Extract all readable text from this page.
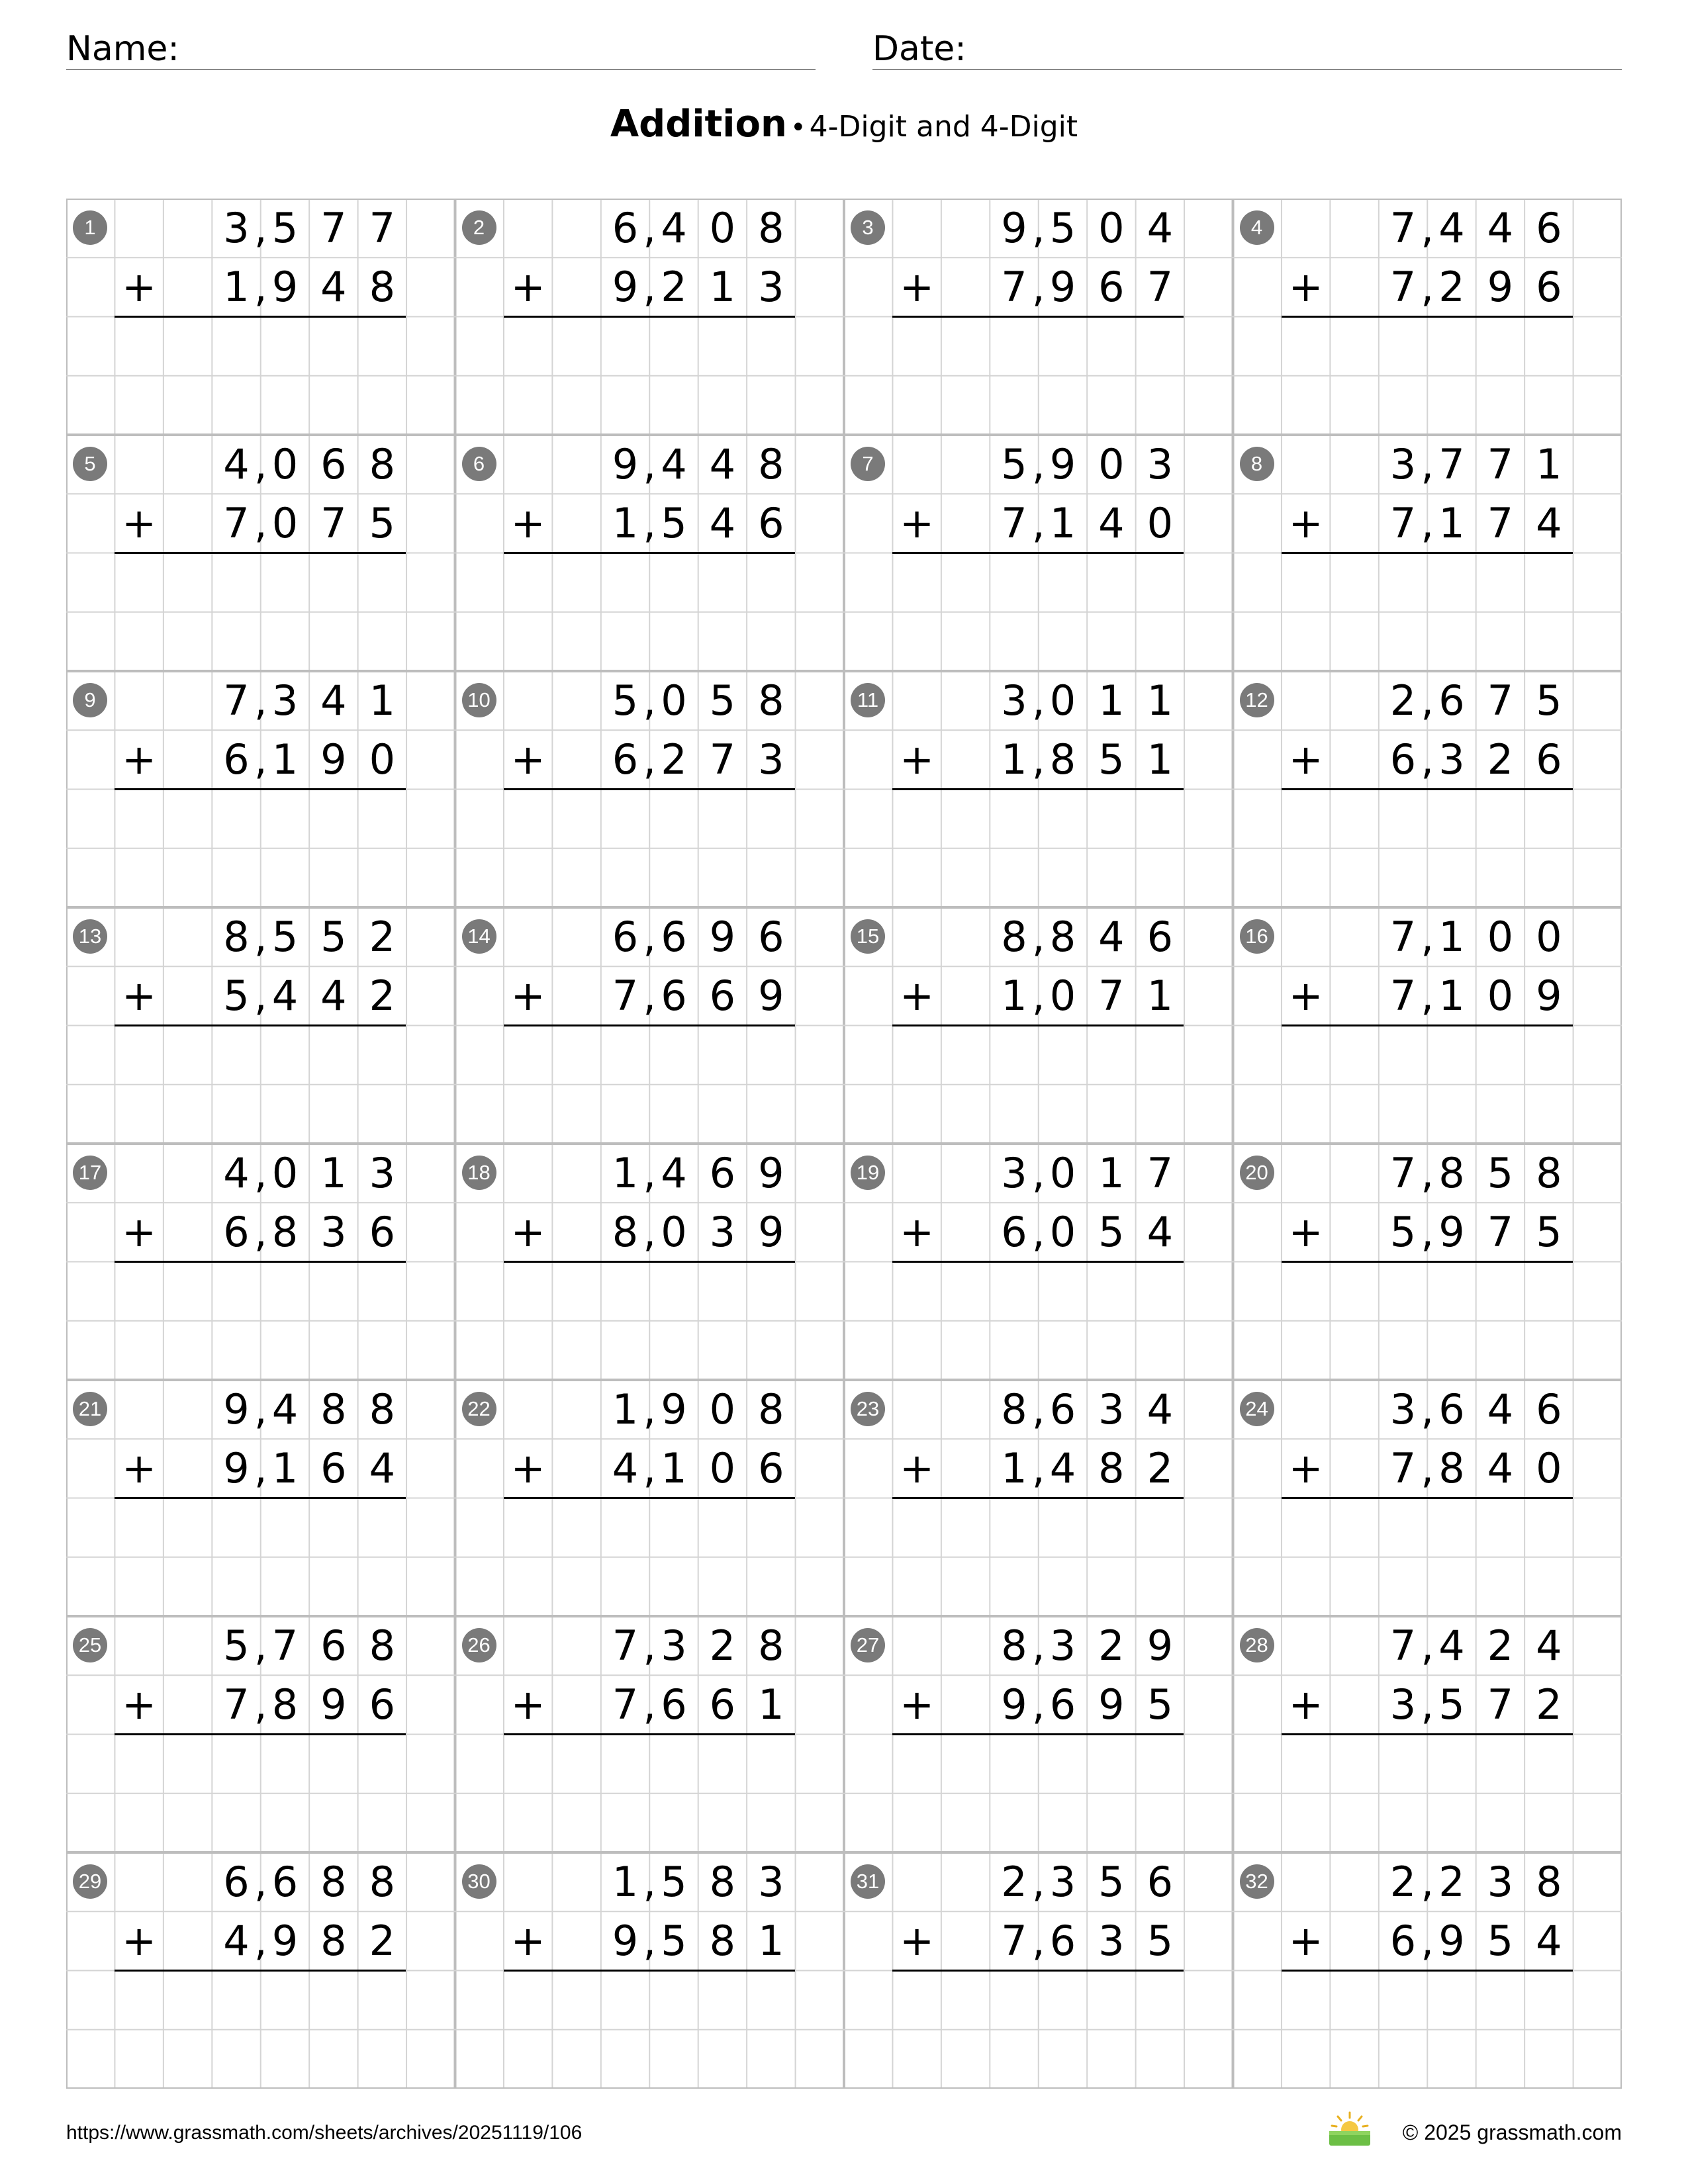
Name:	Date:
Addition • 4-Digit and 4-Digit
1	3 5 7 7
,
+ 1 9 4 8
,
2	6 4 0 8
,
+ 9 2 1 3
,
3	9 5 0 4
,
+ 7 9 6 7
,
4	7 4 4 6
,
+ 7 2 9 6
,
5	4 0 6 8
,
+ 7 0 7 5
,
6	9 4 4 8
,
+ 1 5 4 6
,
7	5 9 0 3
,
+ 7 1 4 0
,
8	3 7 7 1
,
+ 7 1 7 4
,
9	7 3 4 1
,
+ 6 1 9 0
,
10	5 0 5 8
,
+ 6 2 7 3
,
11	3 0 1 1
,
+ 1 8 5 1
,
12	2 6 7 5
,
+ 6 3 2 6
,
13	8 5 5 2
,
+ 5 4 4 2
,
14	6 6 9 6
,
+ 7 6 6 9
,
15	8 8 4 6
,
+ 1 0 7 1
,
16	7 1 0 0
,
+ 7 1 0 9
,
17	4 0 1 3
,
+ 6 8 3 6
,
18	1 4 6 9
,
+ 8 0 3 9
,
19	3 0 1 7
,
+ 6 0 5 4
,
20	7 8 5 8
,
+ 5 9 7 5
,
21	9 4 8 8
,
+ 9 1 6 4
,
22	1 9 0 8
,
+ 4 1 0 6
,
23	8 6 3 4
,
+ 1 4 8 2
,
24	3 6 4 6
,
+ 7 8 4 0
,
25	5 7 6 8
,
+ 7 8 9 6
,
26	7 3 2 8
,
+ 7 6 6 1
,
27	8 3 2 9
,
+ 9 6 9 5
,
28	7 4 2 4
,
+ 3 5 7 2
,
29	6 6 8 8
,
+ 4 9 8 2
,
30	1 5 8 3
,
+ 9 5 8 1
,
31	2 3 5 6
,
+ 7 6 3 5
,
32	2 2 3 8
,
+ 6 9 5 4
,
https://www.grassmath.com/sheets/archives/20251119/106	© 2025 grassmath.com
